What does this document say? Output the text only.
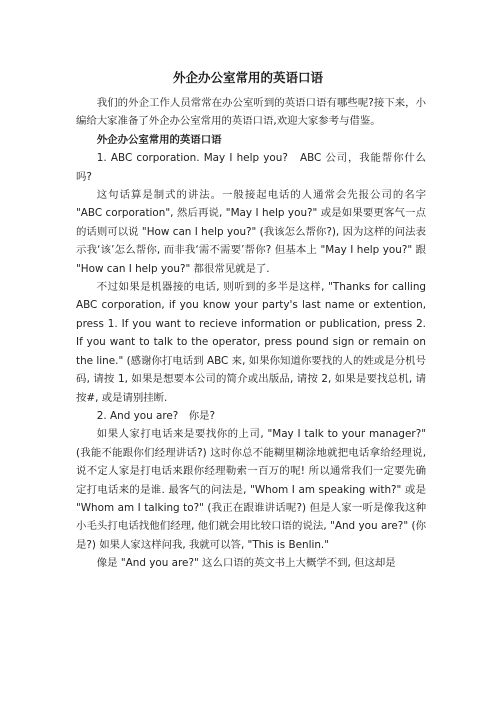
外企办公室常用的英语口语

我们的外企工作人员常常在办公室听到的英语口语有哪些呢?接下来，小编给大家准备了外企办公室常用的英语口语,欢迎大家参考与借鉴。

外企办公室常用的英语口语

1. ABC corporation. May I help you?　ABC 公司，我能帮你什么吗?

这句话算是制式的讲法。一般接起电话的人通常会先报公司的名字 "ABC corporation", 然后再说, "May I help you?" 或是如果要更客气一点的话则可以说 "How can I help you?" (我该怎么帮你?), 因为这样的问法表示我‘该’怎么帮你, 而非我‘需不需要’帮你? 但基本上 "May I help you?" 跟 "How can I help you?" 都很常见就是了.

不过如果是机器接的电话, 则听到的多半是这样, "Thanks for calling ABC corporation, if you know your party's last name or extention, press 1. If you want to recieve information or publication, press 2. If you want to talk to the operator, press pound sign or remain on the line." (感谢你打电话到 ABC 来, 如果你知道你要找的人的姓或是分机号码, 请按 1, 如果是想要本公司的简介或出版品, 请按 2, 如果是要找总机, 请按#, 或是请别挂断.

2. And you are?　你是?

如果人家打电话来是要找你的上司, "May I talk to your manager?" (我能不能跟你们经理讲话?) 这时你总不能糊里糊涂地就把电话拿给经理说, 说不定人家是打电话来跟你经理勒索一百万的呢! 所以通常我们一定要先确定打电话来的是谁. 最客气的问法是, "Whom I am speaking with?" 或是 "Whom am I talking to?" (我正在跟谁讲话呢?) 但是人家一听是像我这种小毛头打电话找他们经理, 他们就会用比较口语的说法, "And you are?" (你是?) 如果人家这样问我, 我就可以答, "This is Benlin."

像是 "And you are?" 这么口语的英文书上大概学不到, 但这却是
